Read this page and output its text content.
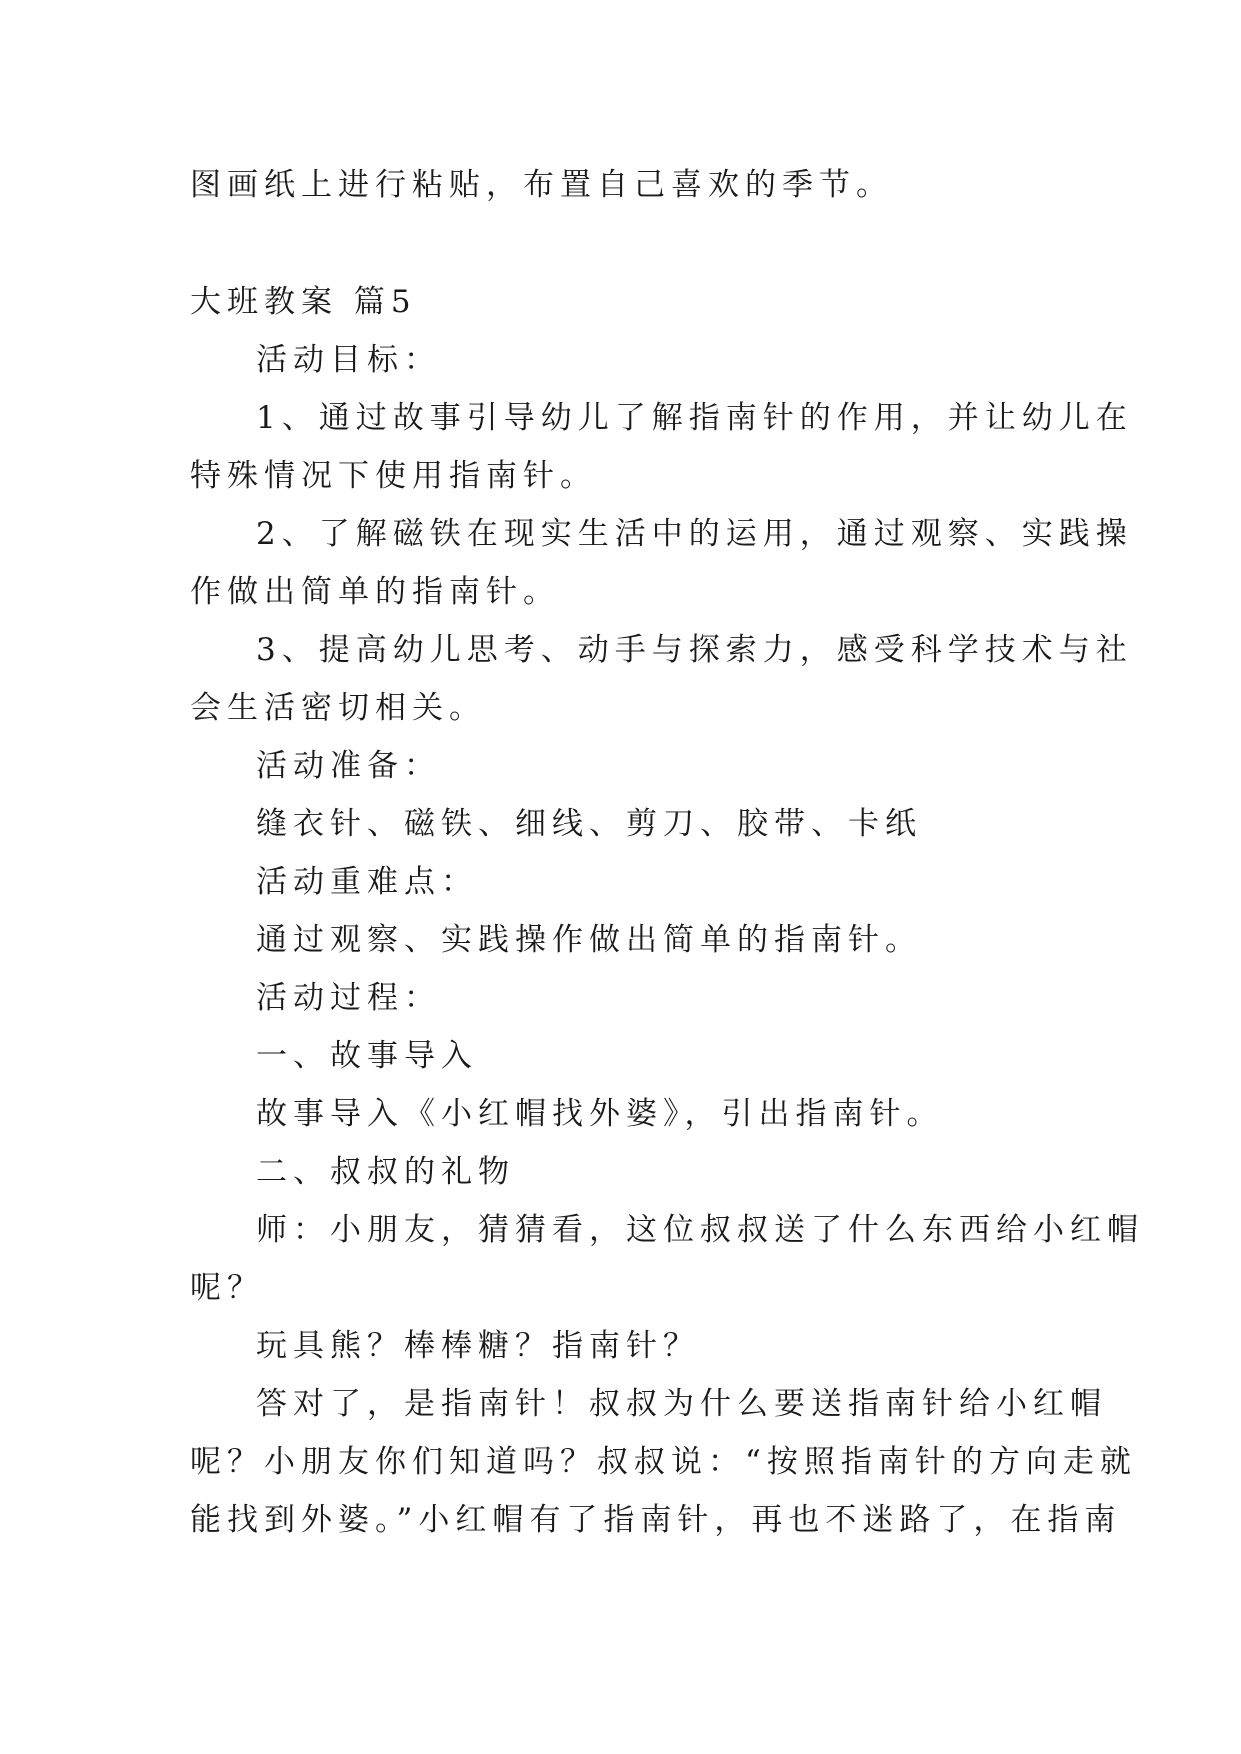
图画纸上进行粘贴，布置自己喜欢的季节。
大班教案 篇5
活动目标：
1、通过故事引导幼儿了解指南针的作用，并让幼儿在
特殊情况下使用指南针。
2、了解磁铁在现实生活中的运用，通过观察、实践操
作做出简单的指南针。
3、提高幼儿思考、动手与探索力，感受科学技术与社
会生活密切相关。
活动准备：
缝衣针、磁铁、细线、剪刀、胶带、卡纸
活动重难点：
通过观察、实践操作做出简单的指南针。
活动过程：
一、故事导入
故事导入《小红帽找外婆》，引出指南针。
二、叔叔的礼物
师：小朋友，猜猜看，这位叔叔送了什么东西给小红帽
呢？
玩具熊？棒棒糖？指南针？
答对了，是指南针！叔叔为什么要送指南针给小红帽
呢？小朋友你们知道吗？叔叔说：“按照指南针的方向走就
能找到外婆。”小红帽有了指南针，再也不迷路了，在指南
